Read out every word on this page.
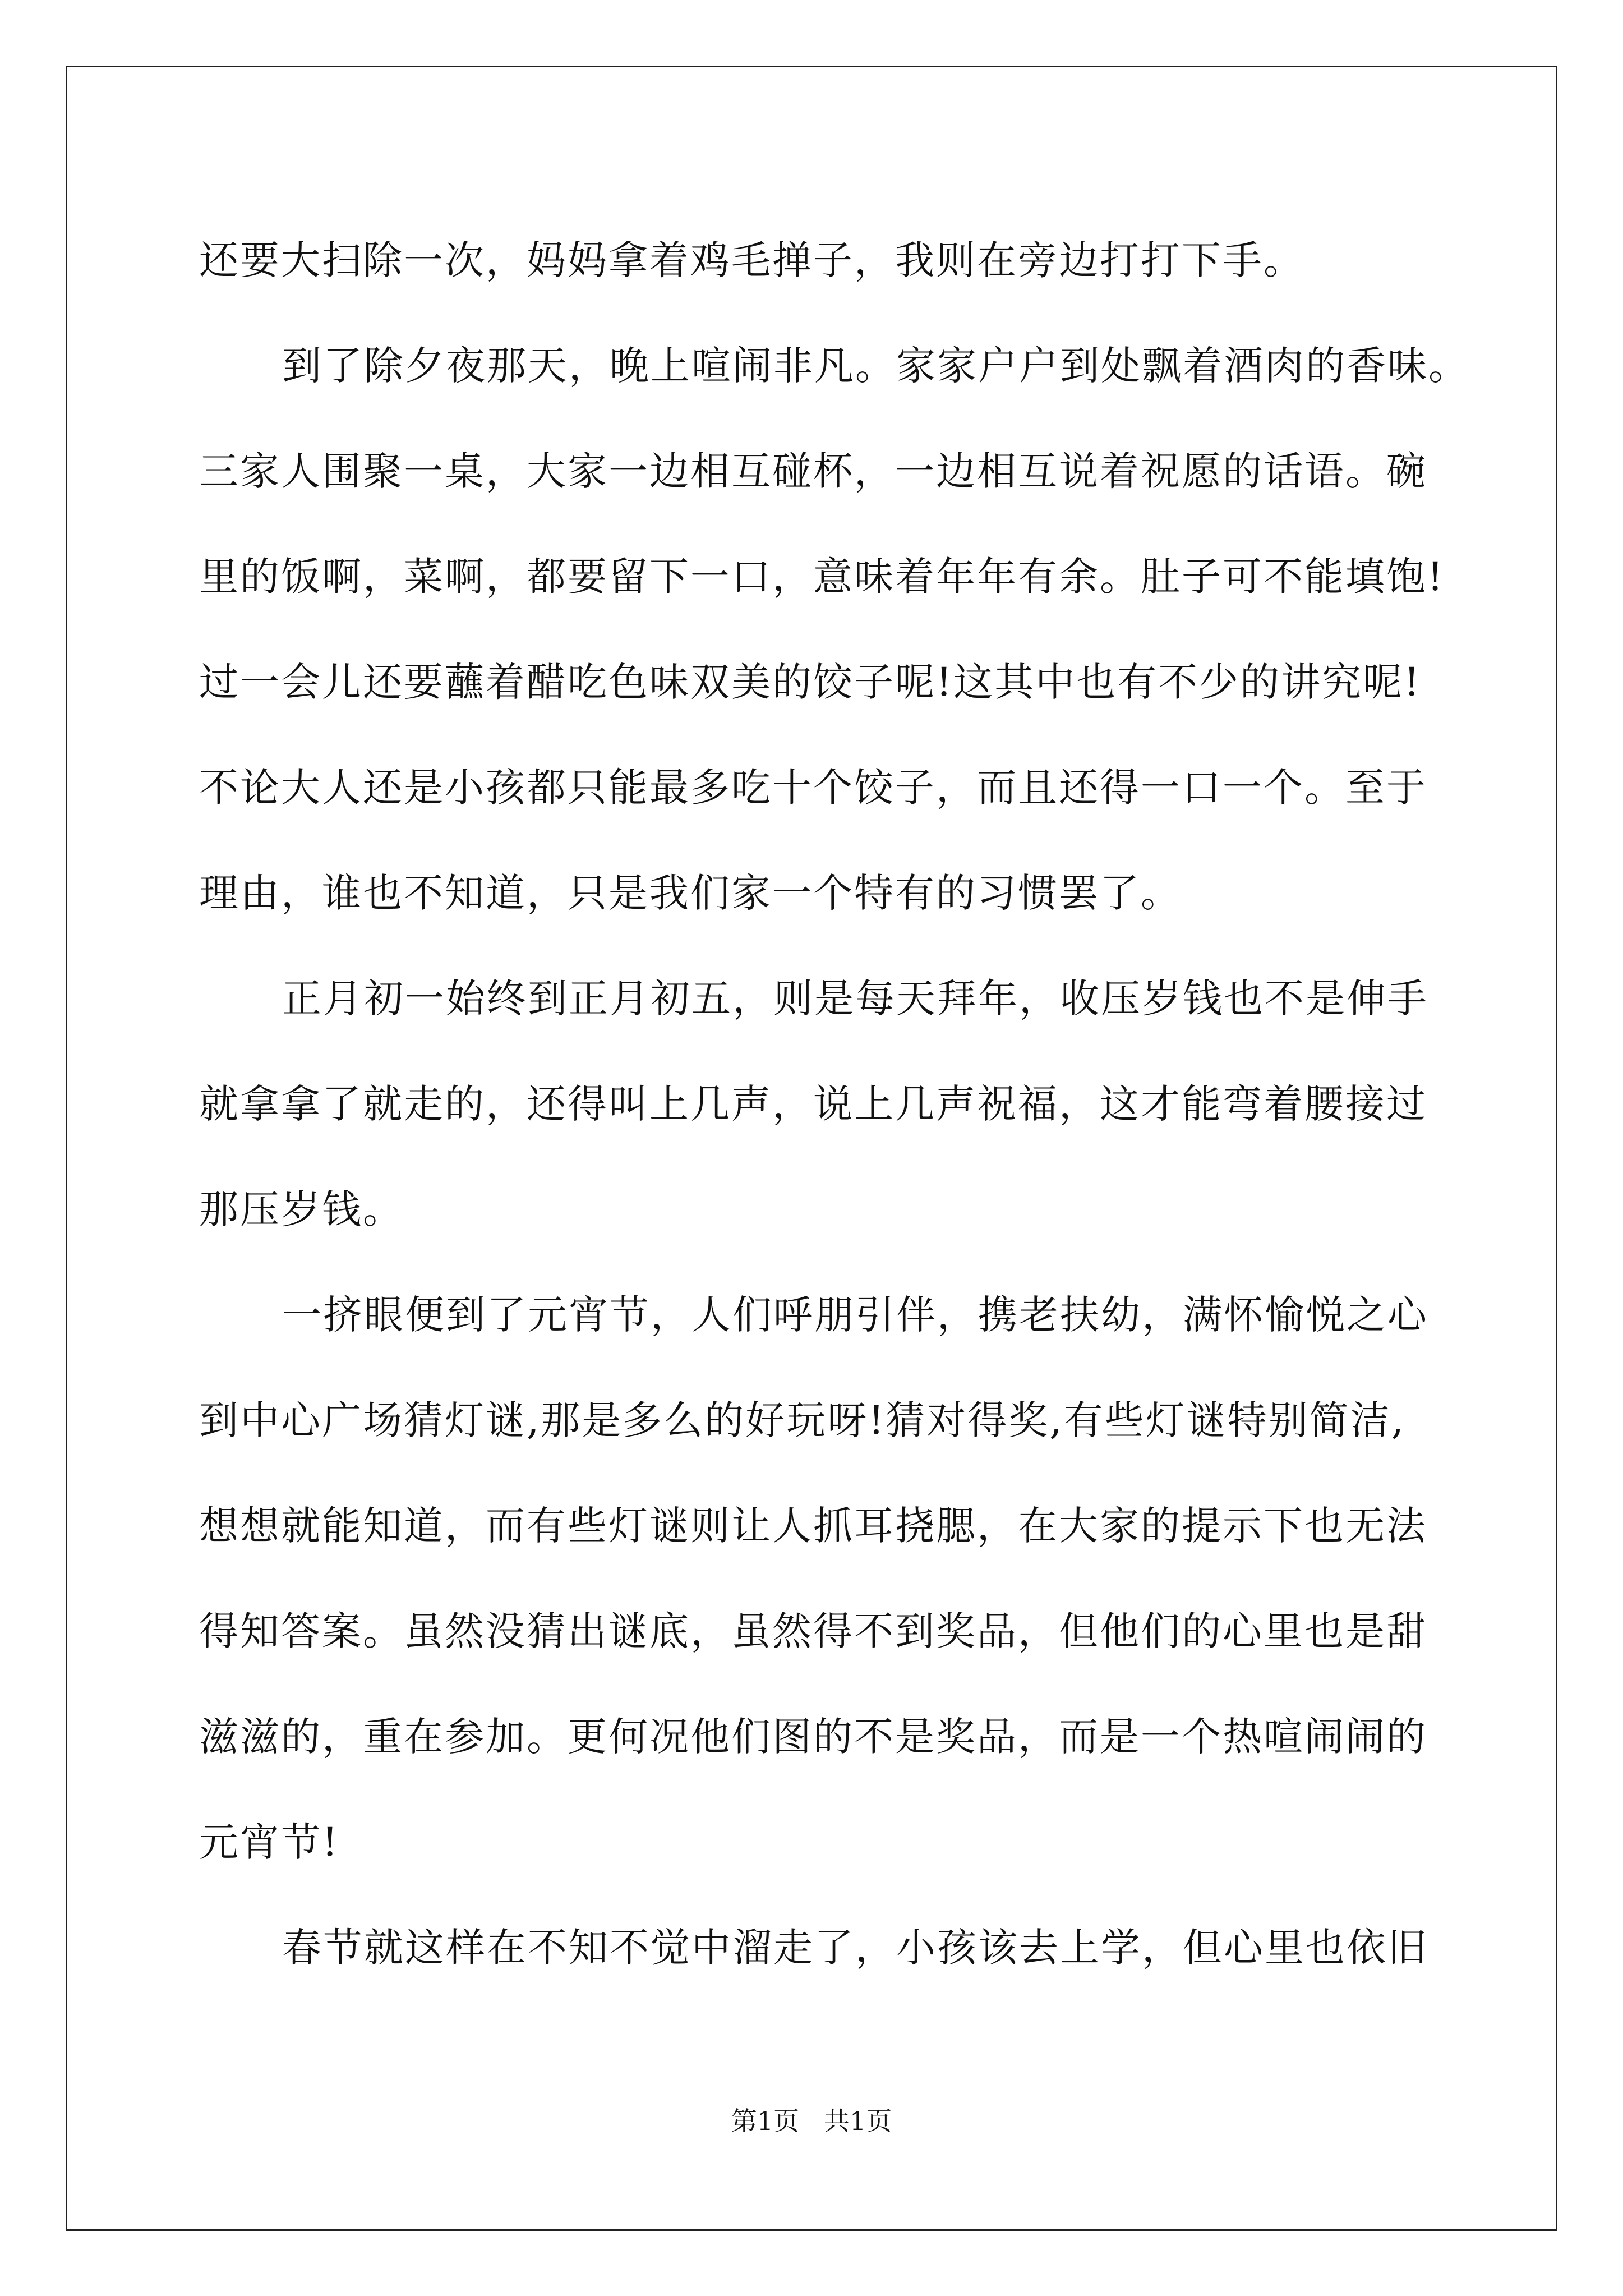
还要大扫除一次，妈妈拿着鸡毛掸子，我则在旁边打打下手。
到了除夕夜那天，晚上喧闹非凡。家家户户到处飘着酒肉的香味。
三家人围聚一桌，大家一边相互碰杯，一边相互说着祝愿的话语。碗
里的饭啊，菜啊，都要留下一口，意味着年年有余。肚子可不能填饱!
过一会儿还要蘸着醋吃色味双美的饺子呢!这其中也有不少的讲究呢!
不论大人还是小孩都只能最多吃十个饺子，而且还得一口一个。至于
理由，谁也不知道，只是我们家一个特有的习惯罢了。
正月初一始终到正月初五，则是每天拜年，收压岁钱也不是伸手
就拿拿了就走的，还得叫上几声，说上几声祝福，这才能弯着腰接过
那压岁钱。
一挤眼便到了元宵节，人们呼朋引伴，携老扶幼，满怀愉悦之心
到中心广场猜灯谜,那是多么的好玩呀!猜对得奖,有些灯谜特别简洁,
想想就能知道，而有些灯谜则让人抓耳挠腮，在大家的提示下也无法
得知答案。虽然没猜出谜底，虽然得不到奖品，但他们的心里也是甜
滋滋的，重在参加。更何况他们图的不是奖品，而是一个热喧闹闹的
元宵节!
春节就这样在不知不觉中溜走了，小孩该去上学，但心里也依旧
第1页 共1页
